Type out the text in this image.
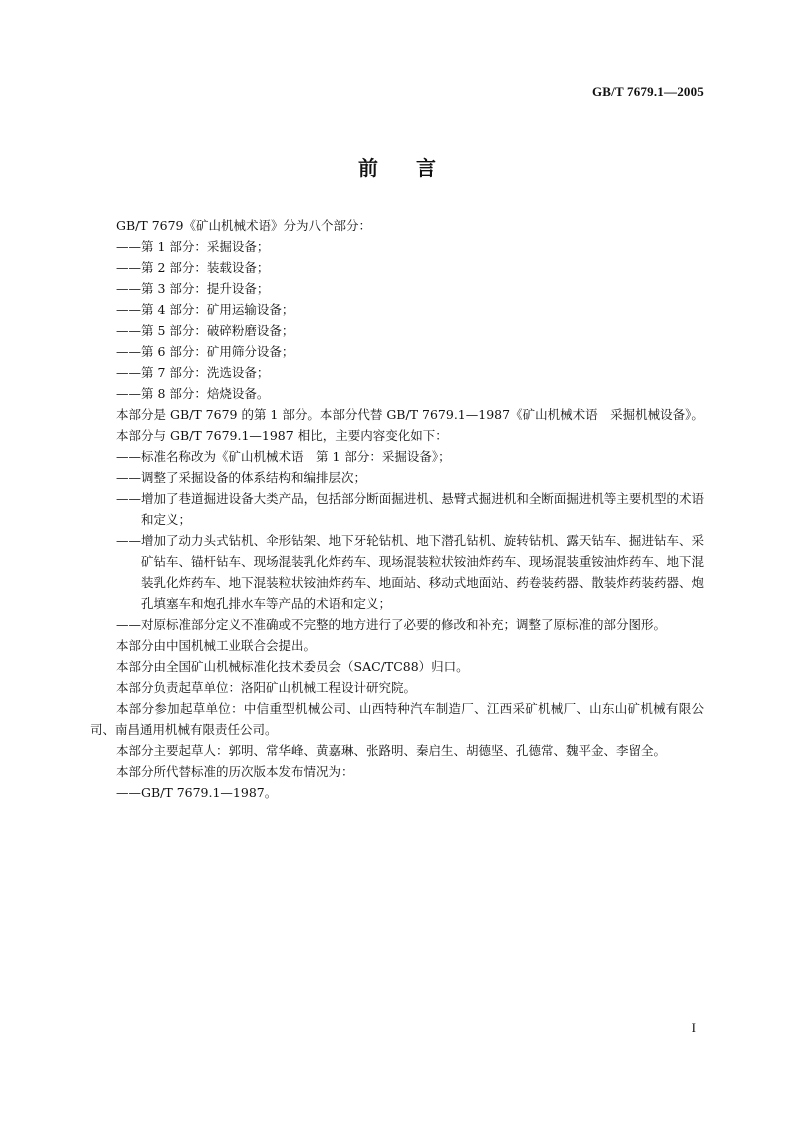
GB/T 7679.1—2005
前言

GB/T 7679《矿山机械术语》分为八个部分：

——第 1 部分：采掘设备；

——第 2 部分：装载设备；

——第 3 部分：提升设备；

——第 4 部分：矿用运输设备；

——第 5 部分：破碎粉磨设备；

——第 6 部分：矿用筛分设备；

——第 7 部分：洗选设备；

——第 8 部分：焙烧设备。

本部分是 GB/T 7679 的第 1 部分。本部分代替 GB/T 7679.1—1987《矿山机械术语　采掘机械设备》。

本部分与 GB/T 7679.1—1987 相比，主要内容变化如下：

——标准名称改为《矿山机械术语　第 1 部分：采掘设备》；

——调整了采掘设备的体系结构和编排层次；

——增加了巷道掘进设备大类产品，包括部分断面掘进机、悬臂式掘进机和全断面掘进机等主要机型的术语和定义；

——增加了动力头式钻机、伞形钻架、地下牙轮钻机、地下潜孔钻机、旋转钻机、露天钻车、掘进钻车、采矿钻车、锚杆钻车、现场混装乳化炸药车、现场混装粒状铵油炸药车、现场混装重铵油炸药车、地下混装乳化炸药车、地下混装粒状铵油炸药车、地面站、移动式地面站、药卷装药器、散装炸药装药器、炮孔填塞车和炮孔排水车等产品的术语和定义；

——对原标准部分定义不准确或不完整的地方进行了必要的修改和补充；调整了原标准的部分图形。

本部分由中国机械工业联合会提出。

本部分由全国矿山机械标准化技术委员会（SAC/TC88）归口。

本部分负责起草单位：洛阳矿山机械工程设计研究院。

本部分参加起草单位：中信重型机械公司、山西特种汽车制造厂、江西采矿机械厂、山东山矿机械有限公司、南昌通用机械有限责任公司。

本部分主要起草人：郭明、常华峰、黄嘉琳、张路明、秦启生、胡德坚、孔德常、魏平金、李留全。

本部分所代替标准的历次版本发布情况为：

——GB/T 7679.1—1987。

I
